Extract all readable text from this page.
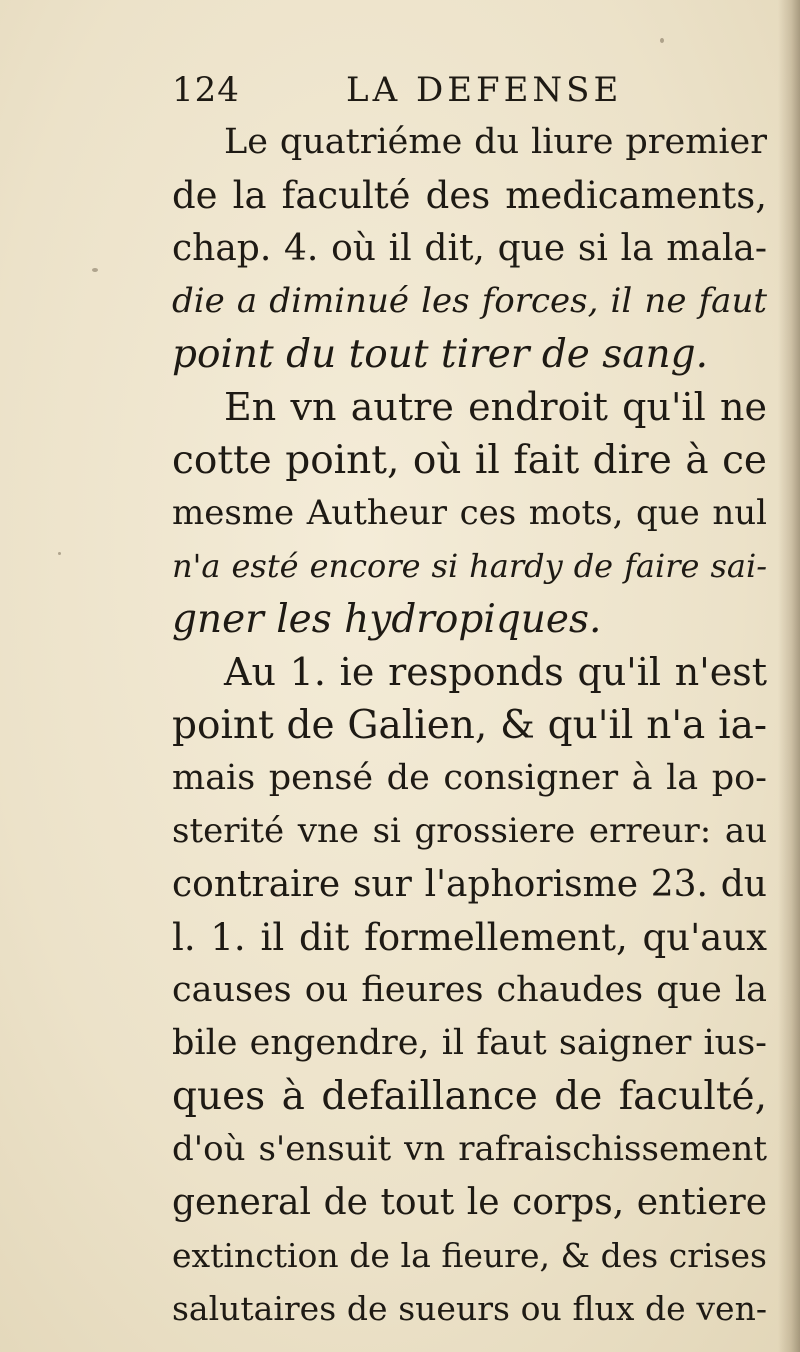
124	LA DEFENSE
Le quatriéme du liure premier
de la faculté des medicaments,
chap. 4. où il dit, que si la mala-
die a diminué les forces, il ne faut
point du tout tirer de sang.
En vn autre endroit qu'il ne
cotte point, où il fait dire à ce
mesme Autheur ces mots, que nul
n'a esté encore si hardy de faire sai-
gner les hydropiques.
Au 1. ie responds qu'il n'est
point de Galien, & qu'il n'a ia-
mais pensé de consigner à la po-
sterité vne si grossiere erreur: au
contraire sur l'aphorisme 23. du
l. 1. il dit formellement, qu'aux
causes ou fieures chaudes que la
bile engendre, il faut saigner ius-
ques à defaillance de faculté,
d'où s'ensuit vn rafraischissement
general de tout le corps, entiere
extinction de la fieure, & des crises
salutaires de sueurs ou flux de ven-
